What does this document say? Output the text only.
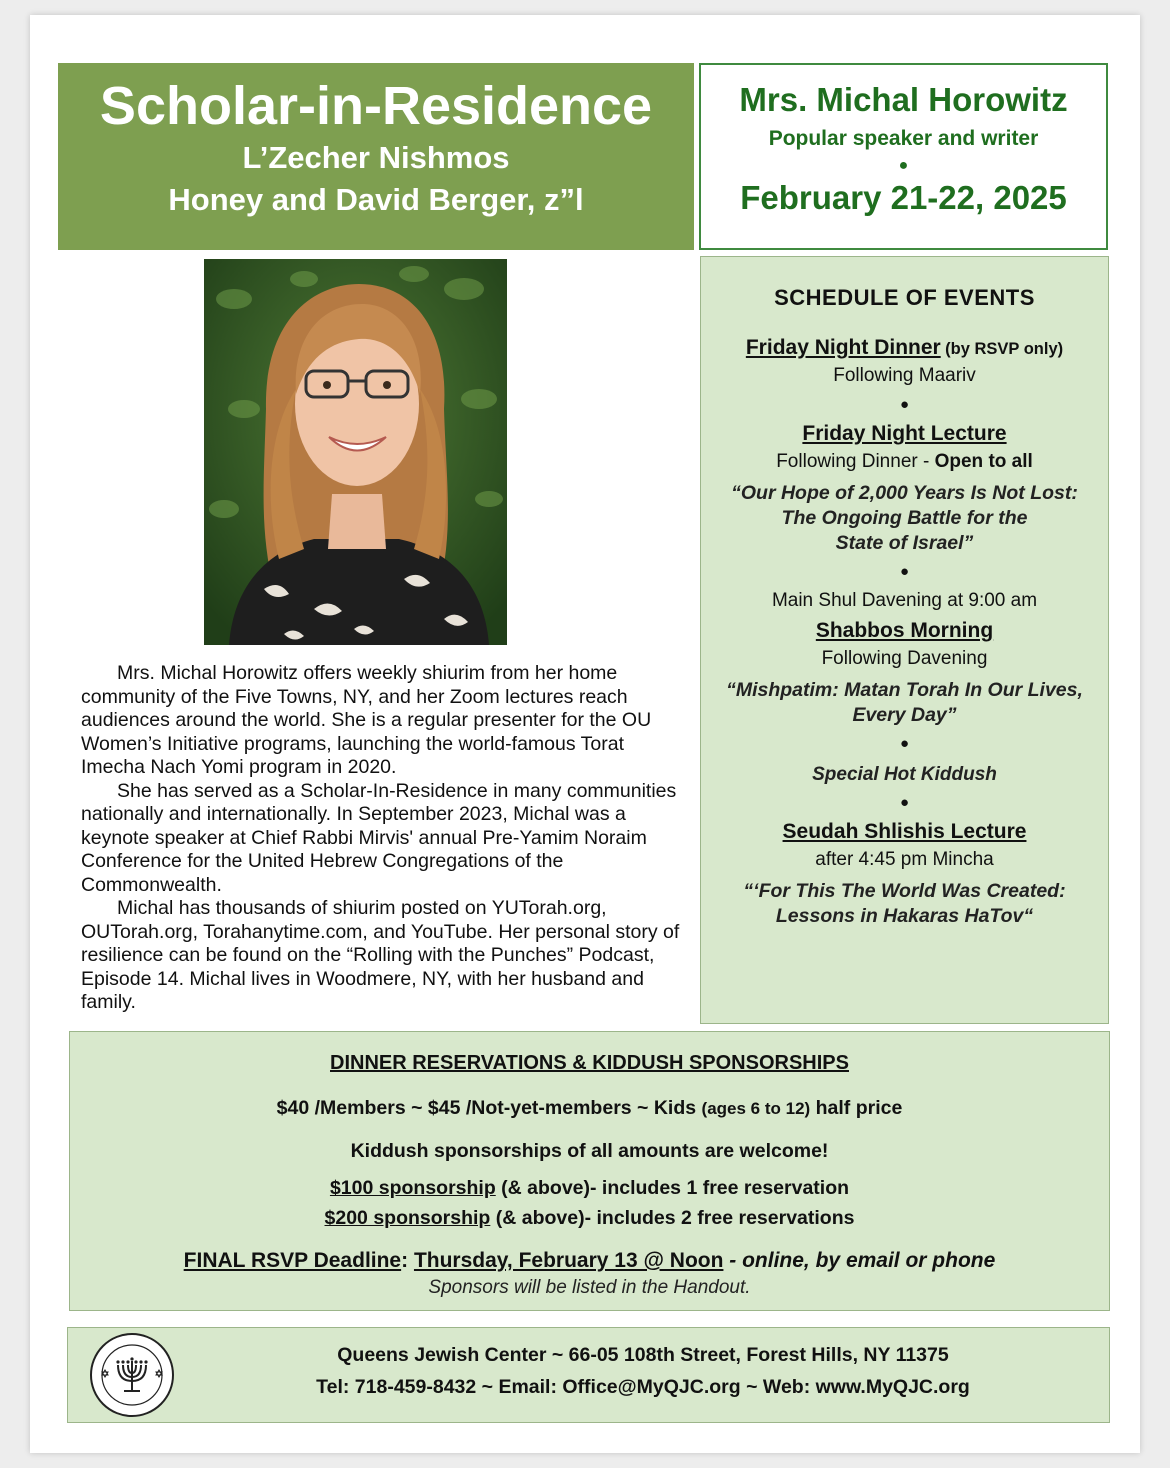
Scholar-in-Residence
L’Zecher Nishmos
Honey and David Berger, z”l
Mrs. Michal Horowitz
Popular speaker and writer
●
February 21-22, 2025

Mrs. Michal Horowitz offers weekly shiurim from her home community of the Five Towns, NY, and her Zoom lectures reach audiences around the world. She is a regular presenter for the OU Women’s Initiative programs, launching the world-famous Torat Imecha Nach Yomi program in 2020.

She has served as a Scholar-In-Residence in many communities nationally and internationally. In September 2023, Michal was a keynote speaker at Chief Rabbi Mirvis' annual Pre-Yamim Noraim Conference for the United Hebrew Congregations of the Commonwealth.

Michal has thousands of shiurim posted on YUTorah.org, OUTorah.org, Torahanytime.com, and YouTube. Her personal story of resilience can be found on the “Rolling with the Punches” Podcast, Episode 14. Michal lives in Woodmere, NY, with her husband and family.

SCHEDULE OF EVENTS
Friday Night Dinner (by RSVP only)
Following Maariv
●
Friday Night Lecture
Following Dinner - Open to all
“Our Hope of 2,000 Years Is Not Lost:
The Ongoing Battle for the
State of Israel”
●
Main Shul Davening at 9:00 am
Shabbos Morning
Following Davening
“Mishpatim: Matan Torah In Our Lives,
Every Day”
●
Special Hot Kiddush
●
Seudah Shlishis Lecture
after 4:45 pm Mincha
“‘For This The World Was Created:
Lessons in Hakaras HaTov“
DINNER RESERVATIONS & KIDDUSH SPONSORSHIPS
$40 /Members ~ $45 /Not-yet-members ~ Kids (ages 6 to 12) half price
Kiddush sponsorships of all amounts are welcome!
$100 sponsorship (& above)- includes 1 free reservation
$200 sponsorship (& above)- includes 2 free reservations
FINAL RSVP Deadline: Thursday, February 13 @ Noon - online, by email or phone
Sponsors will be listed in the Handout.
Queens Jewish Center ~ 66-05 108th Street, Forest Hills, NY 11375
Tel: 718-459-8432 ~ Email: Office@MyQJC.org ~ Web: www.MyQJC.org
